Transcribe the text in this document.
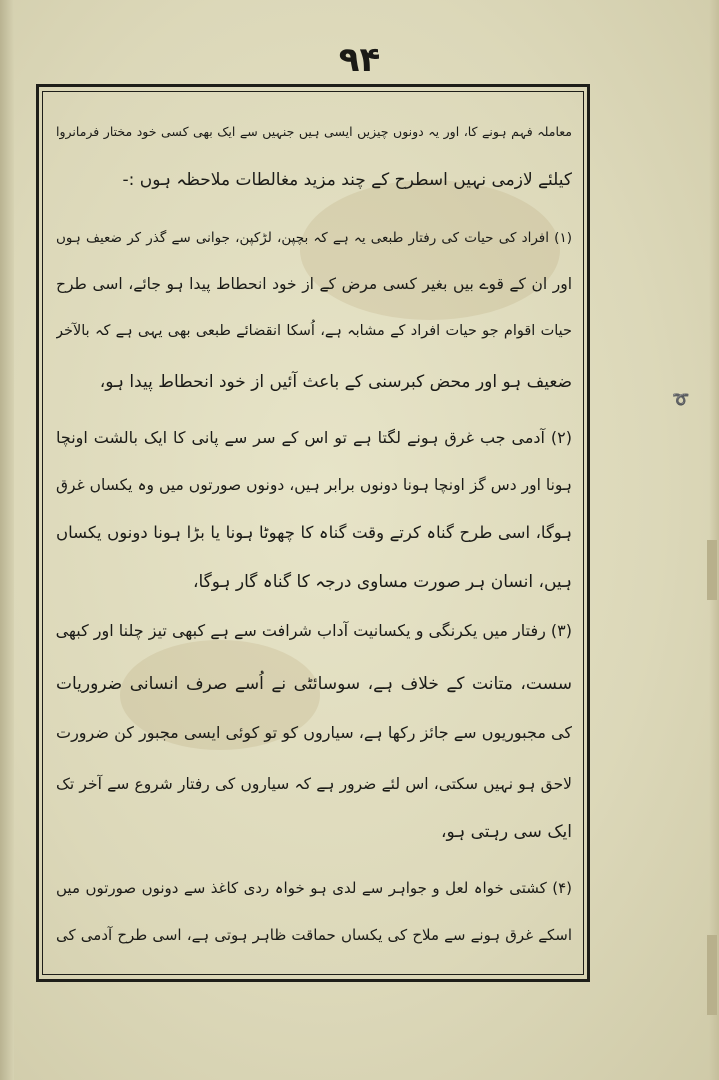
➰
۹۴
معاملہ فہم ہونے کا، اور یہ دونوں چیزیں ایسی ہیں جنہیں سے ایک بھی کسی خود مختار فرمانروا
کیلئے لازمی نہیں اسطرح کے چند مزید مغالطات ملاحظہ ہوں :-
(۱) افراد کی حیات کی رفتار طبعی یہ ہے کہ بچپن، لڑکپن، جوانی سے گذر کر ضعیف ہوں
اور ان کے قوے بیں بغیر کسی مرض کے از خود انحطاط پیدا ہو جائے، اسی طرح
حیات اقوام جو حیات افراد کے مشابہ ہے، اُسکا انقضائے طبعی بھی یہی ہے کہ بالآخر
ضعیف ہو اور محض کبرسنی کے باعث آئیں از خود انحطاط پیدا ہو،
(۲) آدمی جب غرق ہونے لگتا ہے تو اس کے سر سے پانی کا ایک بالشت اونچا
ہونا اور دس گز اونچا ہونا دونوں برابر ہیں، دونوں صورتوں میں وہ یکساں غرق
ہوگا، اسی طرح گناہ کرتے وقت گناہ کا چھوٹا ہونا یا بڑا ہونا دونوں یکساں
ہیں، انسان ہر صورت مساوی درجہ کا گناہ گار ہوگا،
(۳) رفتار میں یکرنگی و یکسانیت آداب شرافت سے ہے کبھی تیز چلنا اور کبھی
سست، متانت کے خلاف ہے، سوسائٹی نے اُسے صرف انسانی ضروریات
کی مجبوریوں سے جائز رکھا ہے، سیاروں کو تو کوئی ایسی مجبور کن ضرورت
لاحق ہو نہیں سکتی، اس لئے ضرور ہے کہ سیاروں کی رفتار شروع سے آخر تک
ایک سی رہتی ہو،
(۴) کشتی خواہ لعل و جواہر سے لدی ہو خواہ ردی کاغذ سے دونوں صورتوں میں
اسکے غرق ہونے سے ملاح کی یکساں حماقت ظاہر ہوتی ہے، اسی طرح آدمی کی
